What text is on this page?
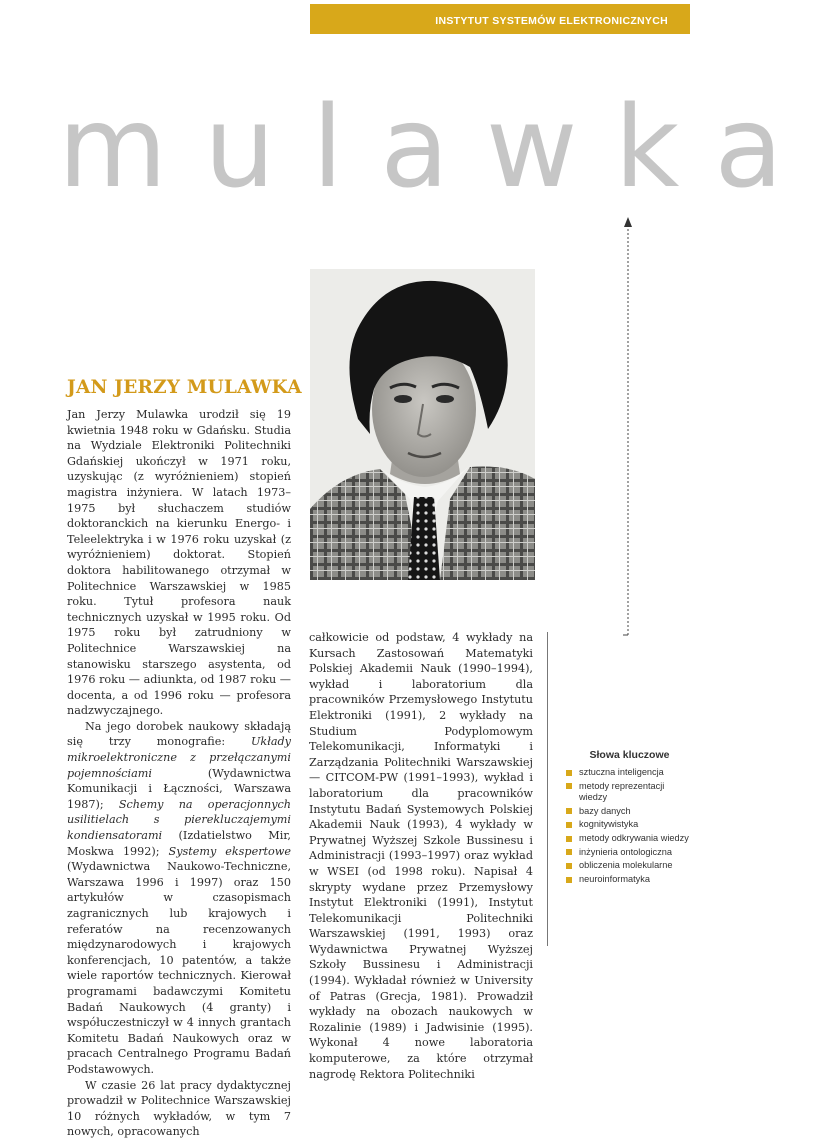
INSTYTUT SYSTEMÓW ELEKTRONICZNYCH
mulawka
JAN JERZY MULAWKA

Jan Jerzy Mulawka urodził się 19 kwietnia 1948 roku w Gdańsku. Studia na Wydziale Elektroniki Politechniki Gdańskiej ukończył w 1971 roku, uzyskując (z wyróżnieniem) stopień magistra inżyniera. W latach 1973–1975 był słuchaczem studiów doktoranckich na kierunku Energo- i Teleelektryka i w 1976 roku uzyskał (z wyróżnieniem) doktorat. Stopień doktora habilitowanego otrzymał w Politechnice Warszawskiej w 1985 roku. Tytuł profesora nauk technicznych uzyskał w 1995 roku. Od 1975 roku był zatrudniony w Politechnice Warszawskiej na stanowisku starszego asystenta, od 1976 roku — adiunkta, od 1987 roku — docenta, a od 1996 roku — profesora nadzwyczajnego.

Na jego dorobek naukowy składają się trzy monografie: Układy mikroelektroniczne z przełączanymi pojemnościami (Wydawnictwa Komunikacji i Łączności, Warszawa 1987); Schemy na operacjonnych usilitielach s pierekluczajemymi kondiensatorami (Izdatielstwo Mir, Moskwa 1992); Systemy ekspertowe (Wydawnictwa Naukowo-Techniczne, Warszawa 1996 i 1997) oraz 150 artykułów w czasopismach zagranicznych lub krajowych i referatów na recenzowanych międzynarodowych i krajowych konferencjach, 10 patentów, a także wiele raportów technicznych. Kierował programami badawczymi Komitetu Badań Naukowych (4 granty) i współuczestniczył w 4 innych grantach Komitetu Badań Naukowych oraz w pracach Centralnego Programu Badań Podstawowych.

W czasie 26 lat pracy dydaktycznej prowadził w Politechnice Warszawskiej 10 różnych wykładów, w tym 7 nowych, opracowanych

całkowicie od podstaw, 4 wykłady na Kursach Zastosowań Matematyki Polskiej Akademii Nauk (1990–1994), wykład i laboratorium dla pracowników Przemysłowego Instytutu Elektroniki (1991), 2 wykłady na Studium Podyplomowym Telekomunikacji, Informatyki i Zarządzania Politechniki Warszawskiej — CITCOM-PW (1991–1993), wykład i laboratorium dla pracowników Instytutu Badań Systemowych Polskiej Akademii Nauk (1993), 4 wykłady w Prywatnej Wyższej Szkole Bussinesu i Administracji (1993–1997) oraz wykład w WSEI (od 1998 roku). Napisał 4 skrypty wydane przez Przemysłowy Instytut Elektroniki (1991), Instytut Telekomunikacji Politechniki Warszawskiej (1991, 1993) oraz Wydawnictwa Prywatnej Wyższej Szkoły Bussinesu i Administracji (1994). Wykładał również w University of Patras (Grecja, 1981). Prowadził wykłady na obozach naukowych w Rozalinie (1989) i Jadwisinie (1995). Wykonał 4 nowe laboratoria komputerowe, za które otrzymał nagrodę Rektora Politechniki

Słowa kluczowe
sztuczna inteligencja
metody reprezentacji wiedzy
bazy danych
kognitywistyka
metody odkrywania wiedzy
inżynieria ontologiczna
obliczenia molekularne
neuroinformatyka
